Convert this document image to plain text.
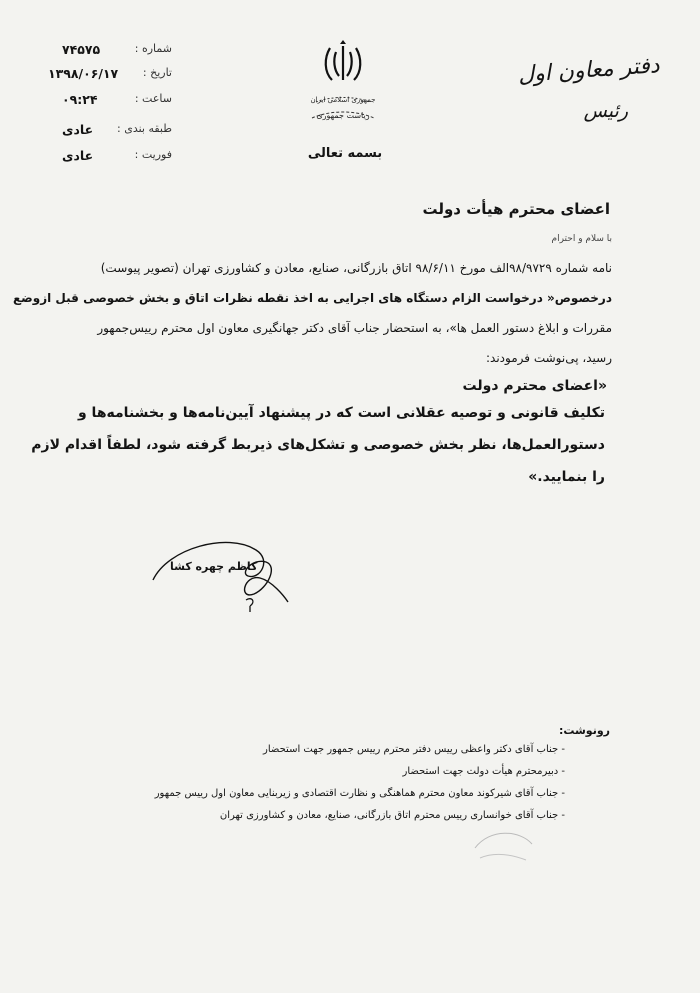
شماره :
۷۴۵۷۵
تاریخ :
۱۳۹۸/۰۶/۱۷
ساعت :
۰۹:۲۴
طبقه بندی :
عادی
فوریت :
عادی
جمهوری اسلامی ایران
ریاست جمهوری
بسمه تعالی
دفتر معاون اول
رئیس
اعضای محترم هیأت دولت
با سلام و احترام
نامه شماره ۹۸/۹۷۲۹الف مورخ ۹۸/۶/۱۱ اتاق بازرگانی، صنایع، معادن و کشاورزی تهران (تصویر پیوست)
درخصوص« درخواست الزام دستگاه های اجرایی به اخذ نقطه نظرات اتاق و بخش خصوصی قبل ازوضع
مقررات و ابلاغ دستور العمل ها»، به استحضار جناب آقای دکتر جهانگیری معاون اول محترم رییس‌جمهور
رسید، پی‌نوشت فرمودند:
«اعضای محترم دولت
تکلیف قانونی و توصیه عقلانی است که در پیشنهاد آیین‌نامه‌ها و بخشنامه‌ها و
دستورالعمل‌ها، نظر بخش خصوصی و تشکل‌های ذیربط گرفته شود، لطفاً اقدام لازم
را بنمایید.»
کاظم چهره کشا
رونوشت:
- جناب آقای دکتر واعظی رییس دفتر محترم رییس جمهور جهت استحضار
- دبیرمحترم هیأت دولت جهت استحضار
- جناب آقای شیرکوند معاون محترم هماهنگی و نظارت اقتصادی و زیربنایی معاون اول رییس جمهور
- جناب آقای خوانساری رییس محترم اتاق بازرگانی، صنایع، معادن و کشاورزی تهران
